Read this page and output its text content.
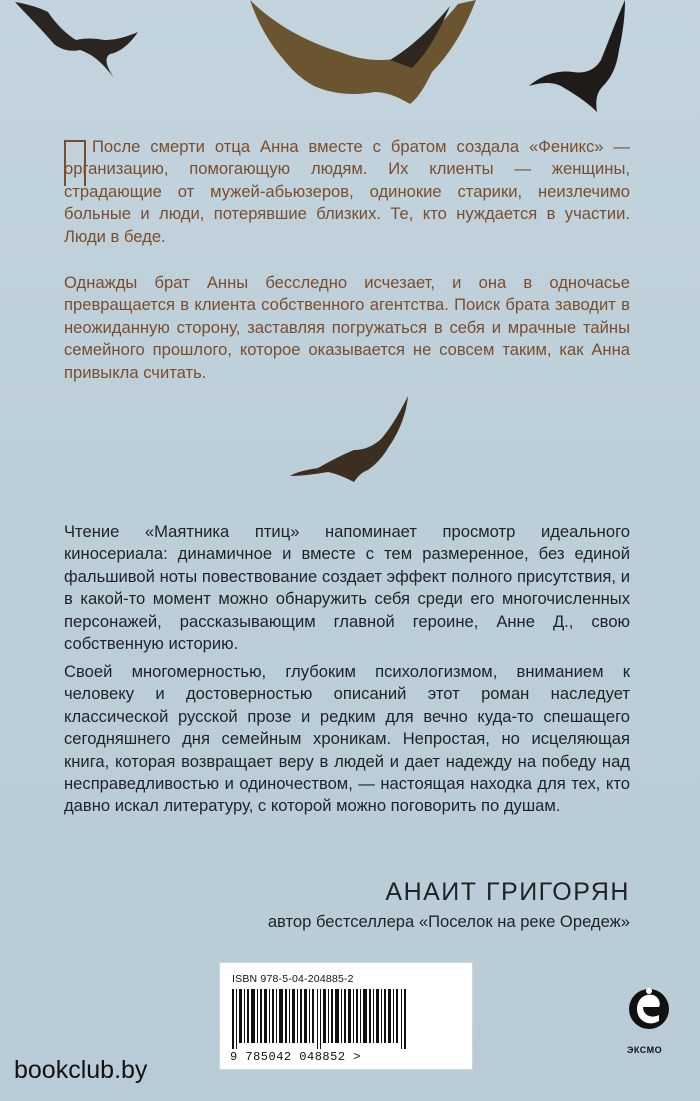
После смерти отца Анна вместе с братом создала «Феникс» — организацию, помогающую людям. Их клиенты — женщины, страдающие от мужей-абьюзеров, одинокие старики, неизлечимо больные и люди, потерявшие близких. Те, кто нуждается в участии. Люди в беде.

Однажды брат Анны бесследно исчезает, и она в одночасье превращается в клиента собственного агентства. Поиск брата заводит в неожиданную сторону, заставляя погружаться в себя и мрачные тайны семейного прошлого, которое оказывается не совсем таким, как Анна привыкла считать.

Чтение «Маятника птиц» напоминает просмотр идеального киносериала: динамичное и вместе с тем размеренное, без единой фальшивой ноты повествование создает эффект полного присутствия, и в какой-то момент можно обнаружить себя среди его многочисленных персонажей, рассказывающим главной героине, Анне Д., свою собственную историю.

Своей многомерностью, глубоким психологизмом, вниманием к человеку и достоверностью описаний этот роман наследует классической русской прозе и редким для вечно куда-то спешащего сегодняшнего дня семейным хроникам. Непростая, но исцеляющая книга, которая возвращает веру в людей и дает надежду на победу над несправедливостью и одиночеством, — настоящая находка для тех, кто давно искал литературу, с которой можно поговорить по душам.

АНАИТ ГРИГОРЯН
автор бестселлера «Поселок на реке Оредеж»
ISBN 978-5-04-204885-2
9 785042 048852 >	ЭКСМО
bookclub.by
